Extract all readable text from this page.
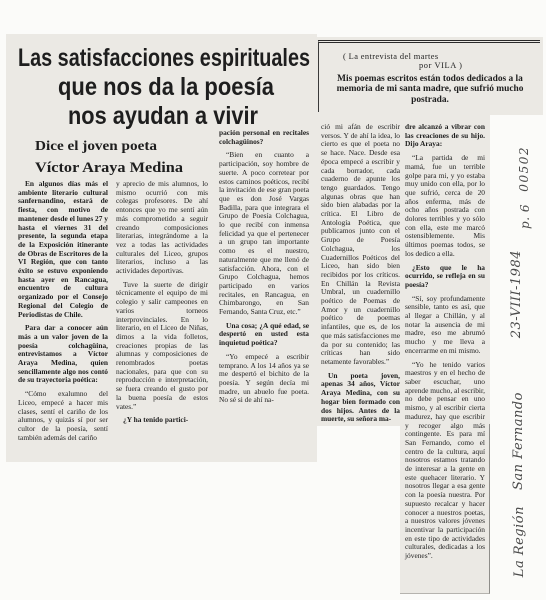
Las satisfacciones espirituales
que nos da la poesía
nos ayudan a vivir
Dice el joven poeta
Víctor Araya Medina
( La entrevista del martes
por VILA )
Mis poemas escritos están todos dedicados a la memoria de mi santa madre, que sufrió mucho postrada.

En algunos días más el ambiente literario cultural sanfernandino, estará de fiesta, con motivo de mantener desde el lunes 27 y hasta el viernes 31 del presente, la segunda etapa de la Exposición itinerante de Obras de Escritores de la VI Región, que con tanto éxito se estuvo exponiendo hasta ayer en Rancagua, encuentro de cultura organizado por el Consejo Regional del Colegio de Periodistas de Chile.

Para dar a conocer aún más a un valor joven de la poesía colchagüina, entrevistamos a Víctor Araya Medina, quien sencillamente algo nos contó de su trayectoria poética:

“Cómo exalumno del Liceo, empecé a hacer mis clases, sentí el cariño de los alumnos, y quizás sí por ser cultor de la poesía, sentí también además del cariño

y aprecio de mis alumnos, lo mismo ocurrió con mis colegas profesores. De ahí entonces que yo me sentí aún más comprometido a seguir creando composiciones literarias, integrándome a la vez a todas las actividades culturales del Liceo, grupos literarios, incluso a las actividades deportivas.

Tuve la suerte de dirigir técnicamente el equipo de mi colegio y salir campeones en varios torneos interprovinciales. En lo literario, en el Liceo de Niñas, dimos a la vida folletos, creaciones propias de las alumnas y composiciones de renombrados poetas nacionales, para que con su reproducción e interpretación, se fuera creando el gusto por la buena poesía de estos vates.”

¿Y ha tenido partici-

pación personal en recitales colchagüinos?

“Bien en cuanto a participación, soy hombre de suerte. A poco corretear por estos caminos poéticos, recibí la invitación de ese gran poeta que es don José Vargas Badilla, para que integrara el Grupo de Poesía Colchagua, lo que recibí con inmensa felicidad ya que el pertenecer a un grupo tan importante como es el nuestro, naturalmente que me llenó de satisfacción. Ahora, con el Grupo Colchagua, hemos participado en varios recitales, en Rancagua, en Chimbarongo, en San Fernando, Santa Cruz, etc.”

Una cosa; ¿A qué edad, se despertó en usted esta inquietud poética?

“Yo empecé a escribir temprano. A los 14 años ya se me despertó el bichito de la poesía. Y según decía mi madre, un abuelo fue poeta. No sé si de ahí na-

ció mi afán de escribir versos. Y de ahí la idea, lo cierto es que el poeta no se hace. Nace. Desde esa época empecé a escribir y cada borrador, cada cuaderno de apunte los tengo guardados. Tengo algunas obras que han sido bien alabadas por la crítica. El Libro de Antología Poética, que publicamos junto con el Grupo de Poesía Colchagua, los Cuadernillos Poéticos del Liceo, han sido bien recibidos por los críticos. En Chillán la Revista Umbral, un cuadernillo poético de Poemas de Amor y un cuadernillo poético de poemas infantiles, que es, de los que más satisfacciones me da por su contenido; las críticas han sido netamente favorables.”

Un poeta joven, apenas 34 años, Víctor Araya Medina, con su hogar bien formado con dos hijos. Antes de la muerte, su señora ma-

dre alcanzó a vibrar con las creaciones de su hijo. Dijo Araya:

“La partida de mi mamá, fue un terrible golpe para mi, y yo estaba muy unido con ella, por lo que sufrió, cerca de 20 años enferma, más de ocho años postrada con dolores terribles y yo sólo con ella, este me marcó ostensiblemente. Mis últimos poemas todos, se los dedico a ella.

¿Esto que le ha ocurrido, se refleja en su poesía?

“Sí, soy profundamente sensible, tanto es así, que al llegar a Chillán, y al notar la ausencia de mi madre, eso me abrumó mucho y me lleva a encerrarme en mi mismo.

“Yo he tenido varios maestros y en el hecho de saber escuchar, uno aprende mucho, al escribir, no debe pensar en uno mismo, y al escribir cierta madurez, hay que escribir y recoger algo más contingente. Es para mí San Fernando, como el centro de la cultura, aquí nosotros estamos tratando de interesar a la gente en este quehacer literario. Y nosotros llegar a esa gente con la poesía nuestra. Por supuesto recalcar y hacer conocer a nuestros poetas, a nuestros valores jóvenes incentivar la participación en este tipo de actividades culturales, dedicadas a los jóvenes”.

00502
p. 6
23-VIII-1984
San Fernando
La Región
